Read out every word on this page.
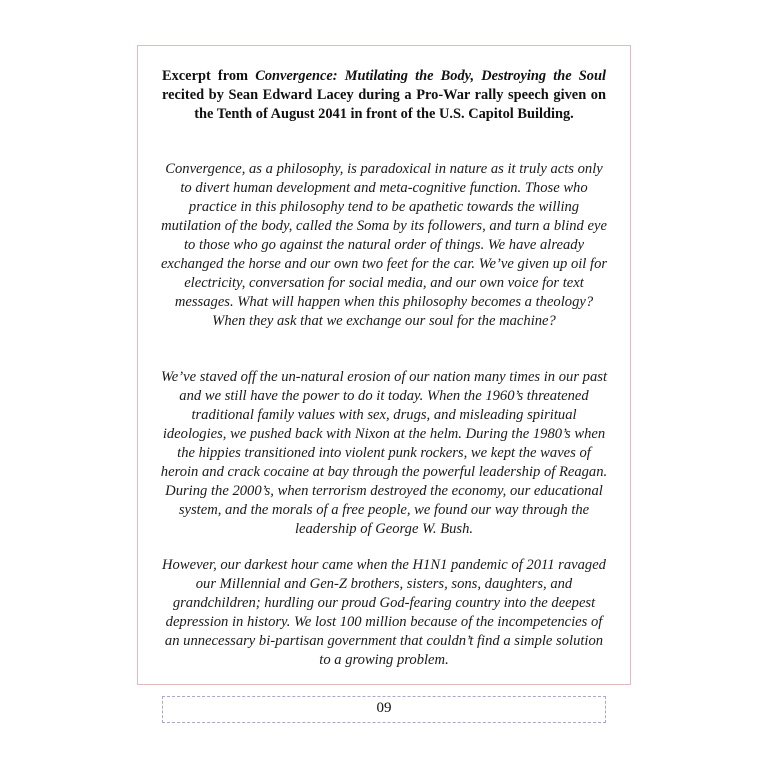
Excerpt from Convergence: Mutilating the Body, Destroying the Soul recited by Sean Edward Lacey during a Pro-War rally speech given on the Tenth of August 2041 in front of the U.S. Capitol Building.

Convergence, as a philosophy, is paradoxical in nature as it truly acts only to divert human development and meta-cognitive function. Those who practice in this philosophy tend to be apathetic towards the willing mutilation of the body, called the Soma by its followers, and turn a blind eye to those who go against the natural order of things. We have already exchanged the horse and our own two feet for the car. We’ve given up oil for electricity, conversation for social media, and our own voice for text messages. What will happen when this philosophy becomes a theology? When they ask that we exchange our soul for the machine?

We’ve staved off the un-natural erosion of our nation many times in our past and we still have the power to do it today. When the 1960’s threatened traditional family values with sex, drugs, and misleading spiritual ideologies, we pushed back with Nixon at the helm. During the 1980’s when the hippies transitioned into violent punk rockers, we kept the waves of heroin and crack cocaine at bay through the powerful leadership of Reagan. During the 2000’s, when terrorism destroyed the economy, our educational system, and the morals of a free people, we found our way through the leadership of George W. Bush.

However, our darkest hour came when the H1N1 pandemic of 2011 ravaged our Millennial and Gen-Z brothers, sisters, sons, daughters, and grandchildren; hurdling our proud God-fearing country into the deepest depression in history. We lost 100 million because of the incompetencies of an unnecessary bi-partisan government that couldn’t find a simple solution to a growing problem.

09
